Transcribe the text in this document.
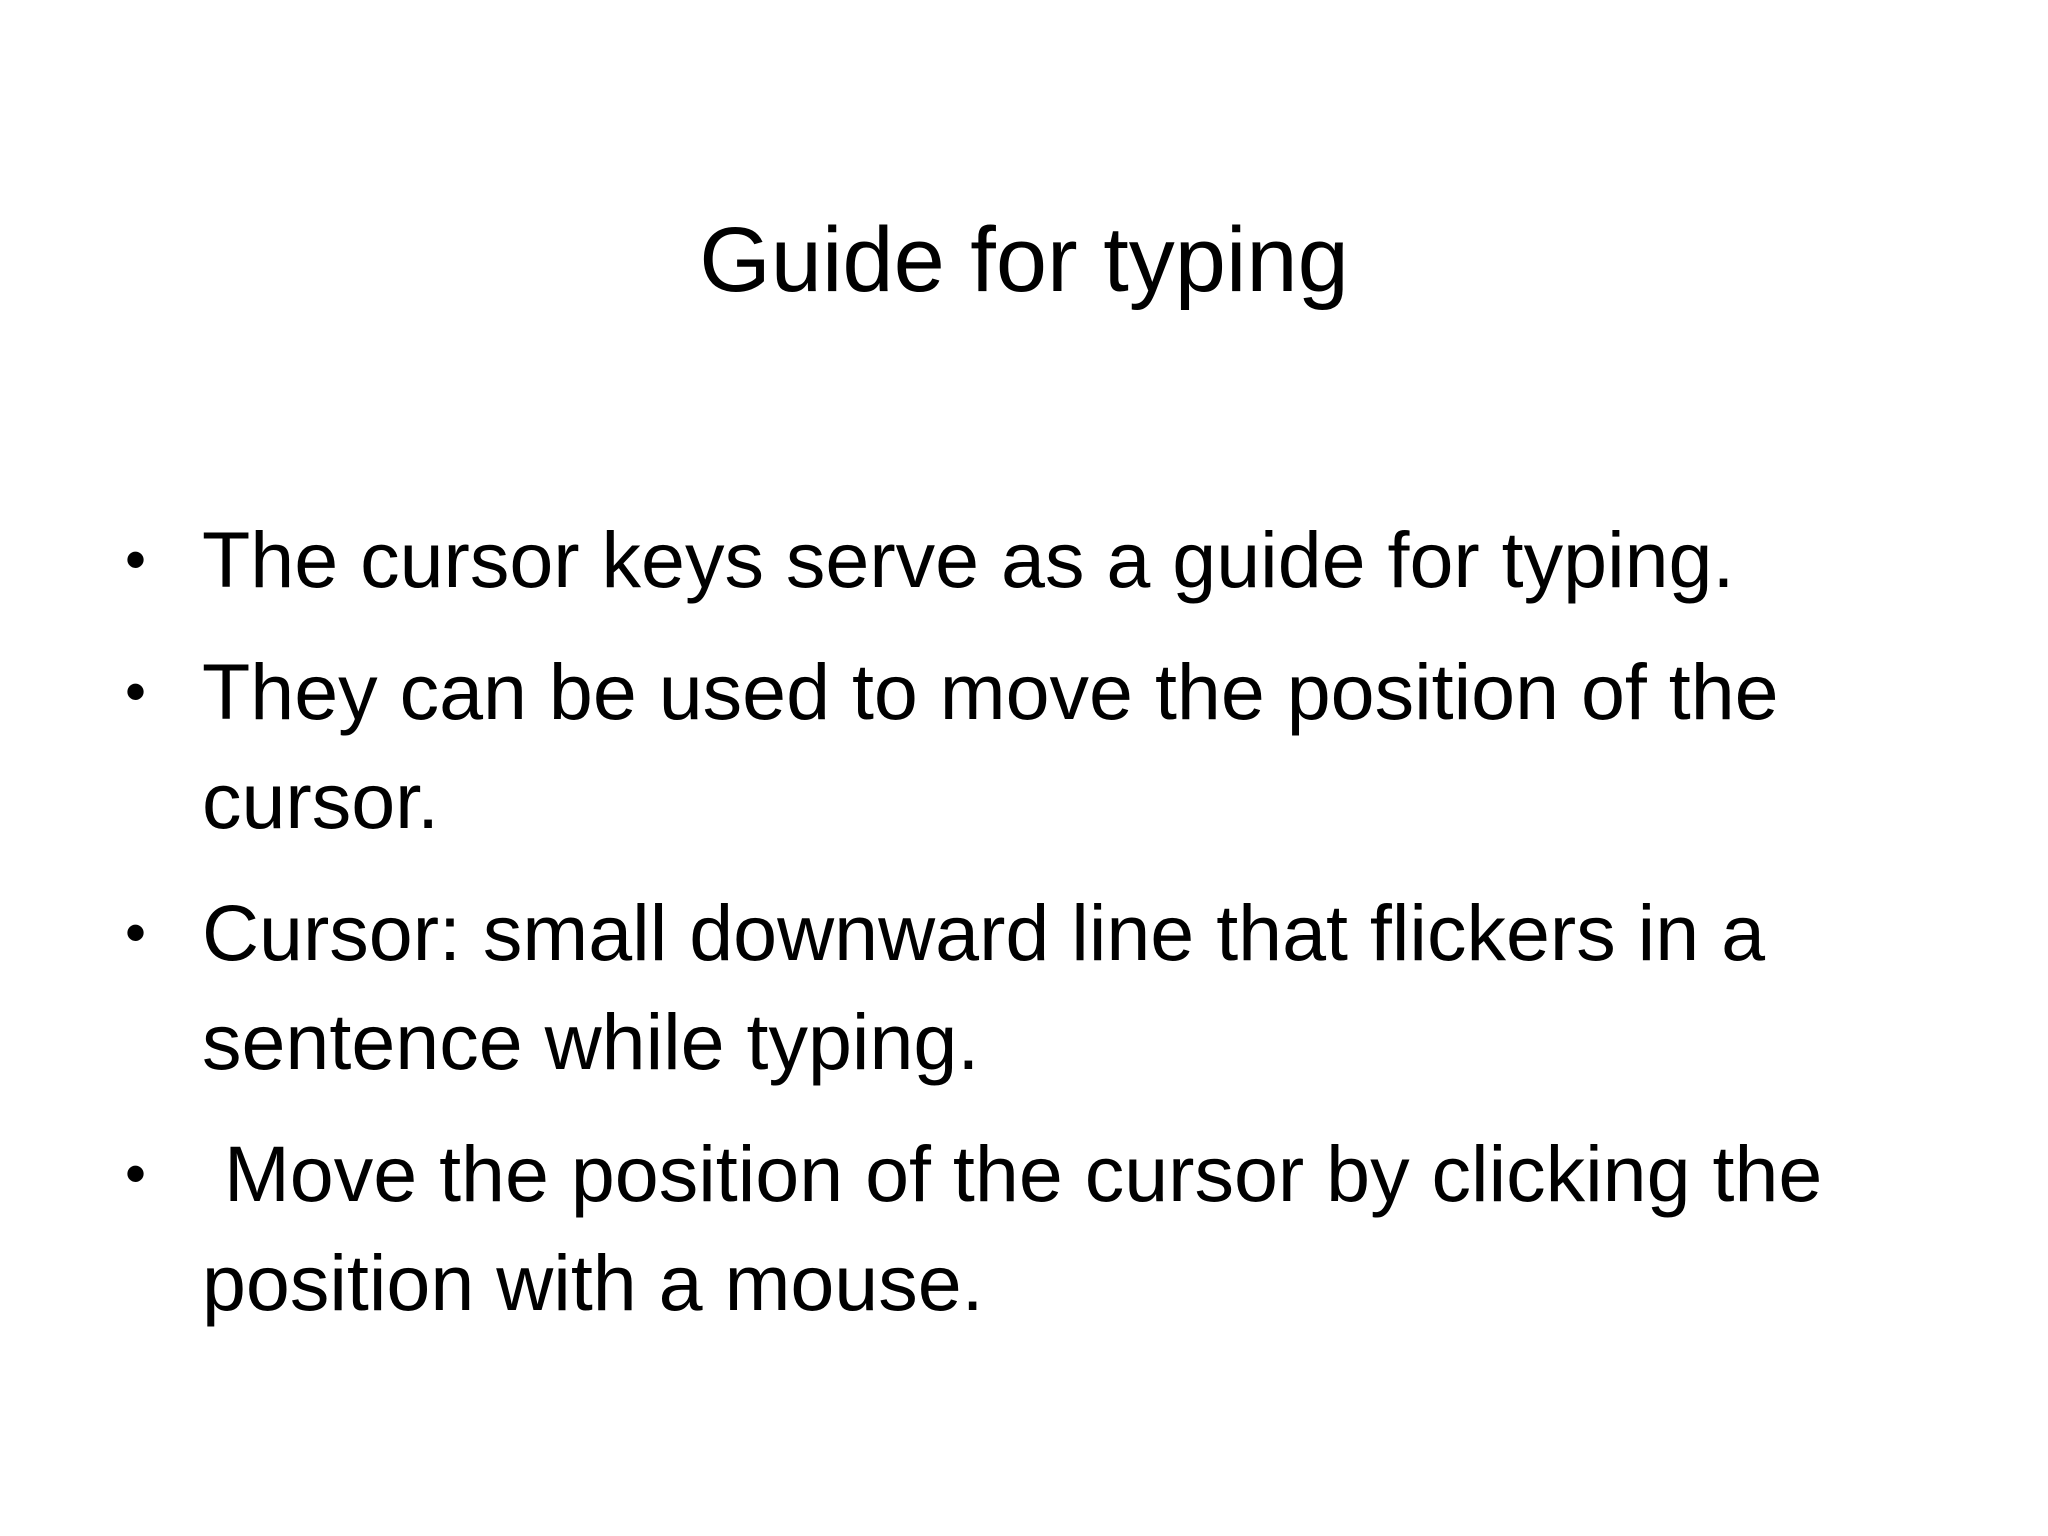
Guide for typing
• The cursor keys serve as a guide for typing.
• They can be used to move the position of the cursor.
• Cursor: small downward line that flickers in a sentence while typing.
• Move the position of the cursor by clicking the position with a mouse.
